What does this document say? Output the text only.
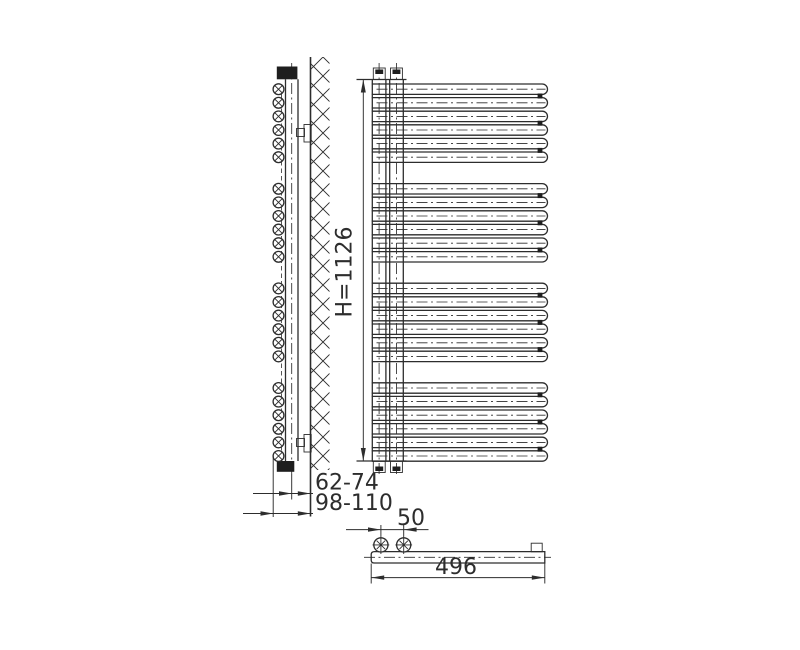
H=1126
62-74
98-110
50
496
